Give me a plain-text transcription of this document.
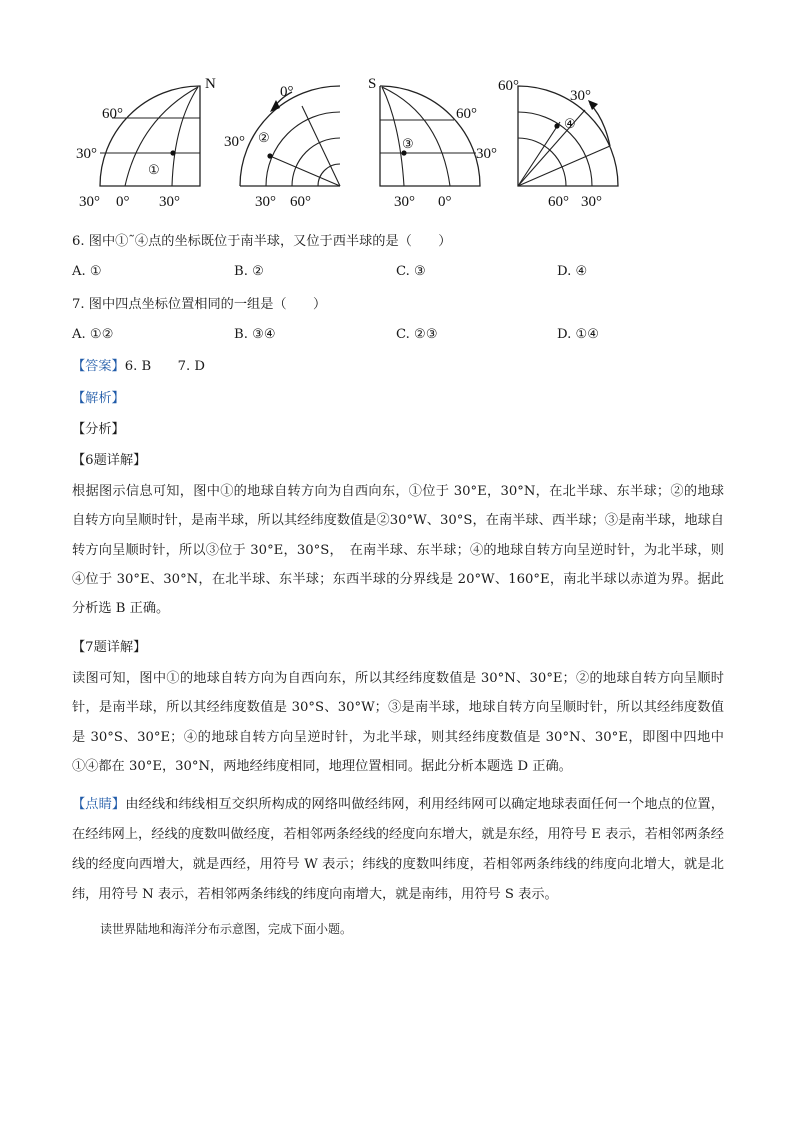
N
60°
30°
30° 0° 30°
①
0°
30°
30° 60°
②
S
60°
30°
30° 0°
③
60°
30°
60° 30°
④
6. 图中①˜④点的坐标既位于南半球，又位于西半球的是（　　）
A. ①	B. ②	C. ③	D. ④
7. 图中四点坐标位置相同的一组是（　　）
A. ①②	B. ③④	C. ②③	D. ①④
【答案】6. B　　7. D
【解析】
【分析】
【6题详解】
根据图示信息可知，图中①的地球自转方向为自西向东，①位于 30°E，30°N，在北半球、东半球；②的地球自转方向呈顺时针，是南半球，所以其经纬度数值是②30°W、30°S，在南半球、西半球；③是南半球，地球自转方向呈顺时针，所以③位于 30°E，30°S，　在南半球、东半球；④的地球自转方向呈逆时针，为北半球，则④位于 30°E、30°N，在北半球、东半球；东西半球的分界线是 20°W、160°E，南北半球以赤道为界。据此分析选 B 正确。
【7题详解】
读图可知，图中①的地球自转方向为自西向东，所以其经纬度数值是 30°N、30°E；②的地球自转方向呈顺时针，是南半球，所以其经纬度数值是 30°S、30°W；③是南半球，地球自转方向呈顺时针，所以其经纬度数值是 30°S、30°E；④的地球自转方向呈逆时针，为北半球，则其经纬度数值是 30°N、30°E，即图中四地中①④都在 30°E，30°N，两地经纬度相同，地理位置相同。据此分析本题选 D 正确。
【点睛】由经线和纬线相互交织所构成的网络叫做经纬网，利用经纬网可以确定地球表面任何一个地点的位置，在经纬网上，经线的度数叫做经度，若相邻两条经线的经度向东增大，就是东经，用符号 E 表示，若相邻两条经线的经度向西增大，就是西经，用符号 W 表示；纬线的度数叫纬度，若相邻两条纬线的纬度向北增大，就是北纬，用符号 N 表示，若相邻两条纬线的纬度向南增大，就是南纬，用符号 S 表示。
读世界陆地和海洋分布示意图，完成下面小题。
